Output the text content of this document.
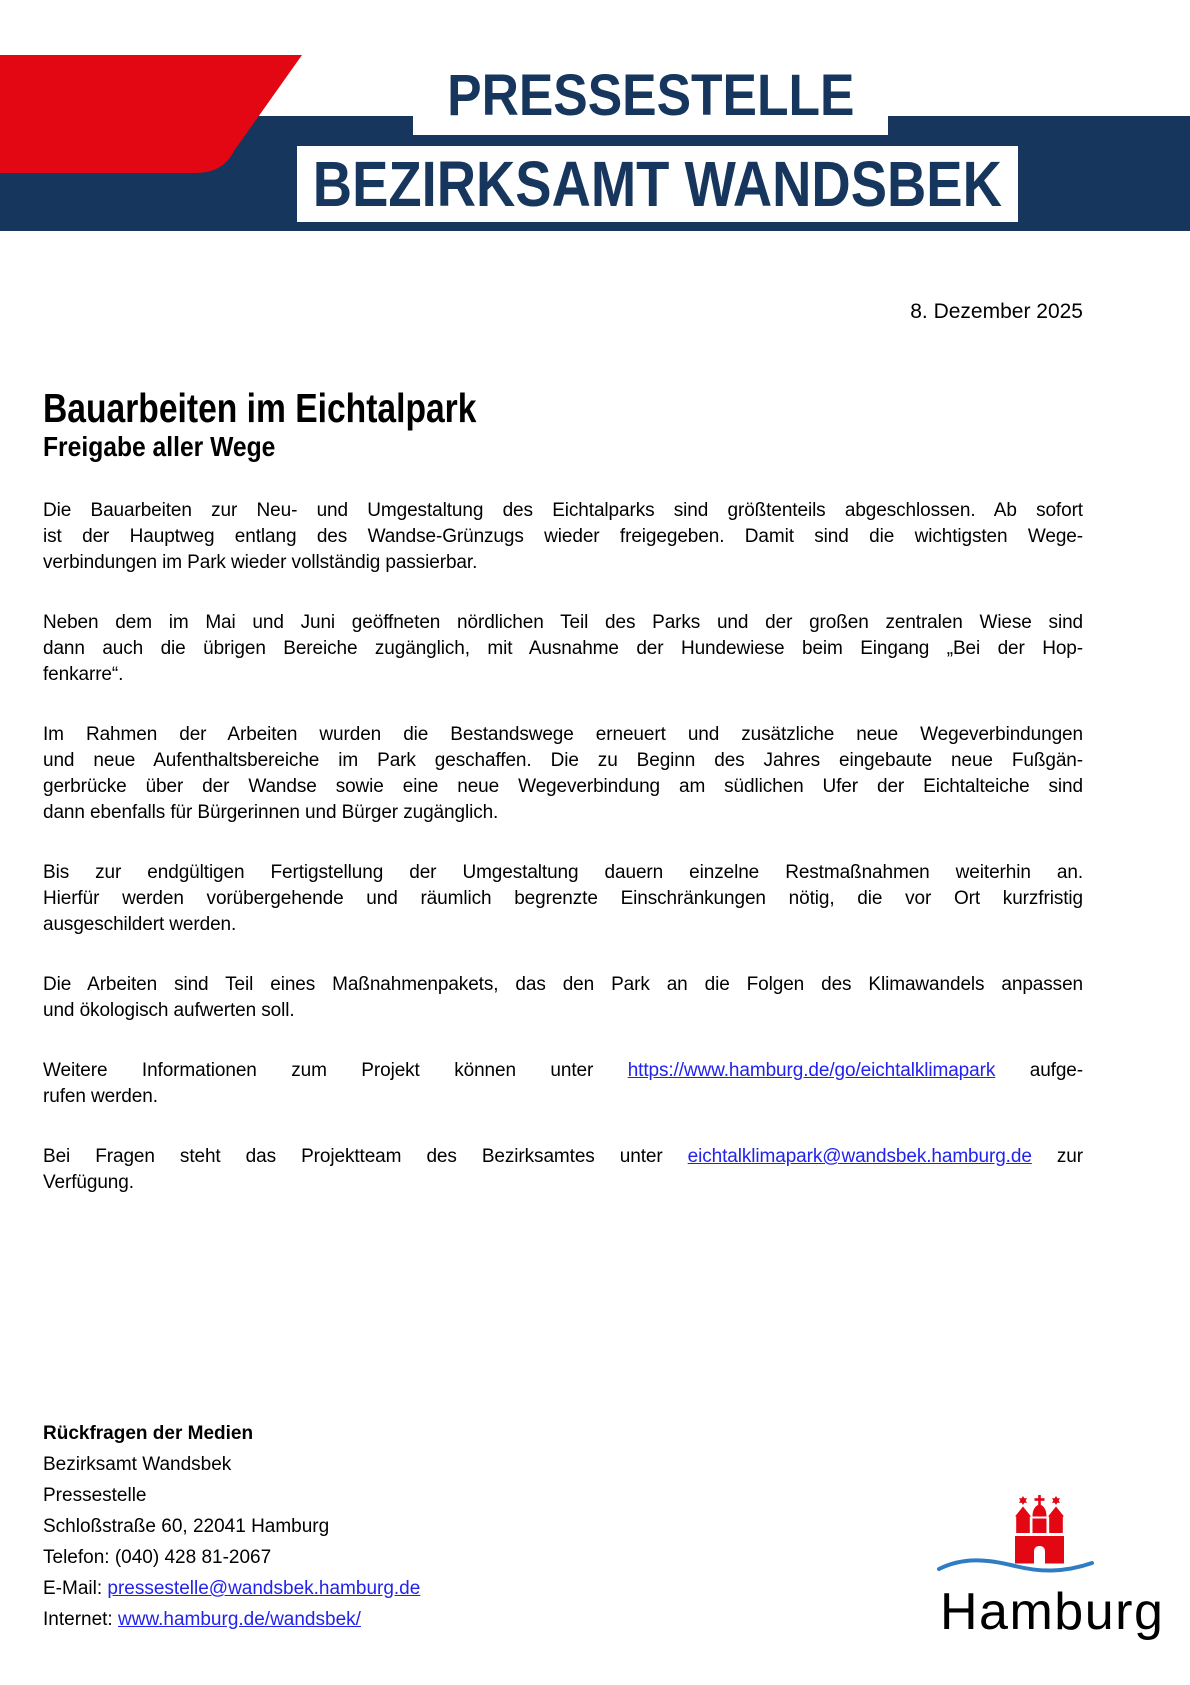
PRESSESTELLE
BEZIRKSAMT WANDSBEK
8. Dezember 2025
Bauarbeiten im Eichtalpark
Freigabe aller Wege
Die Bauarbeiten zur Neu- und Umgestaltung des Eichtalparks sind größtenteils abgeschlossen. Ab sofort
ist der Hauptweg entlang des Wandse-Grünzugs wieder freigegeben. Damit sind die wichtigsten Wege-
verbindungen im Park wieder vollständig passierbar.
Neben dem im Mai und Juni geöffneten nördlichen Teil des Parks und der großen zentralen Wiese sind
dann auch die übrigen Bereiche zugänglich, mit Ausnahme der Hundewiese beim Eingang „Bei der Hop-
fenkarre“.
Im Rahmen der Arbeiten wurden die Bestandswege erneuert und zusätzliche neue Wegeverbindungen
und neue Aufenthaltsbereiche im Park geschaffen. Die zu Beginn des Jahres eingebaute neue Fußgän-
gerbrücke über der Wandse sowie eine neue Wegeverbindung am südlichen Ufer der Eichtalteiche sind
dann ebenfalls für Bürgerinnen und Bürger zugänglich.
Bis zur endgültigen Fertigstellung der Umgestaltung dauern einzelne Restmaßnahmen weiterhin an.
Hierfür werden vorübergehende und räumlich begrenzte Einschränkungen nötig, die vor Ort kurzfristig
ausgeschildert werden.
Die Arbeiten sind Teil eines Maßnahmenpakets, das den Park an die Folgen des Klimawandels anpassen
und ökologisch aufwerten soll.
Weitere Informationen zum Projekt können unter https://www.hamburg.de/go/eichtalklimapark aufge-
rufen werden.
Bei Fragen steht das Projektteam des Bezirksamtes unter eichtalklimapark@wandsbek.hamburg.de zur
Verfügung.
Rückfragen der Medien
Bezirksamt Wandsbek
Pressestelle
Schloßstraße 60, 22041 Hamburg
Telefon: (040) 428 81-2067
E-Mail: pressestelle@wandsbek.hamburg.de
Internet: www.hamburg.de/wandsbek/	Hamburg
